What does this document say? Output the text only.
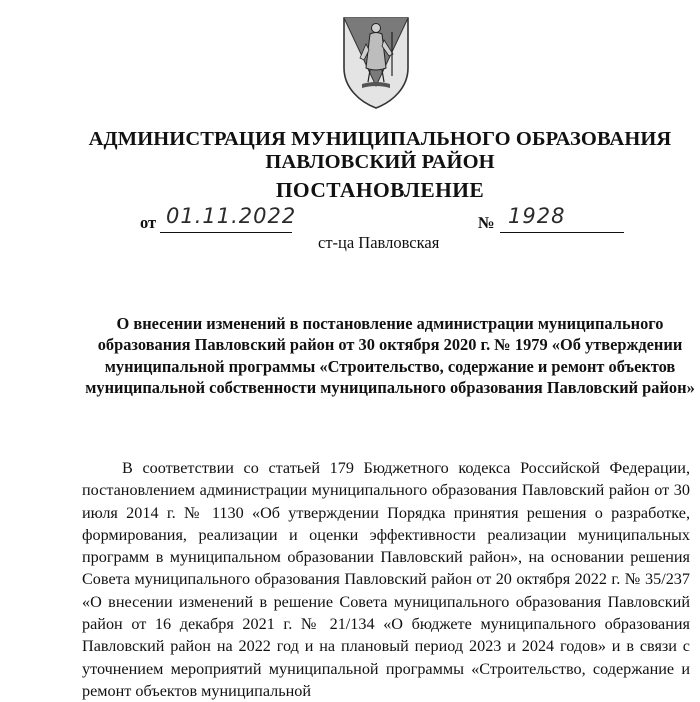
АДМИНИСТРАЦИЯ МУНИЦИПАЛЬНОГО ОБРАЗОВАНИЯ
ПАВЛОВСКИЙ РАЙОН
ПОСТАНОВЛЕНИЕ
от 01.11.2022	№ 1928
ст-ца Павловская
О внесении изменений в постановление администрации муниципального образования Павловский район от 30 октября 2020 г. № 1979 «Об утверждении муниципальной программы «Строительство, содержание и ремонт объектов муниципальной собственности муниципального образования Павловский район»

В соответствии со статьей 179 Бюджетного кодекса Российской Федерации, постановлением администрации муниципального образования Павловский район от 30 июля 2014 г. № 1130 «Об утверждении Порядка принятия решения о разработке, формирования, реализации и оценки эффективности реализации муниципальных программ в муниципальном образовании Павловский район», на основании решения Совета муниципального образования Павловский район от 20 октября 2022 г. № 35/237 «О внесении изменений в решение Совета муниципального образования Павловский район от 16 декабря 2021 г. № 21/134 «О бюджете муниципального образования Павловский район на 2022 год и на плановый период 2023 и 2024 годов» и в связи с уточнением мероприятий муниципальной программы «Строительство, содержание и ремонт объектов муниципальной
